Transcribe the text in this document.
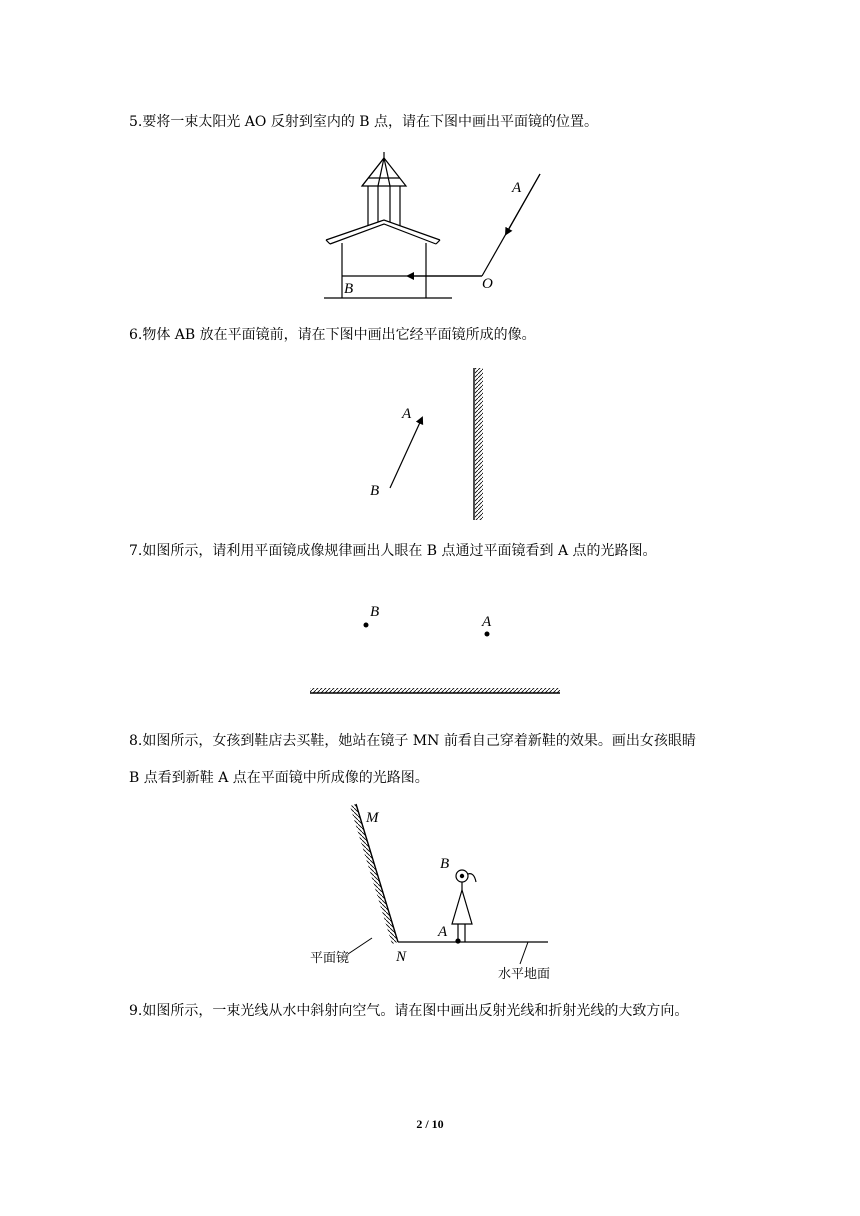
5.要将一束太阳光 AO 反射到室内的 B 点，请在下图中画出平面镜的位置。
A
B	O
6.物体 AB 放在平面镜前，请在下图中画出它经平面镜所成的像。
A
B
7.如图所示，请利用平面镜成像规律画出人眼在 B 点通过平面镜看到 A 点的光路图。
B
A
8.如图所示，女孩到鞋店去买鞋，她站在镜子 MN 前看自己穿着新鞋的效果。画出女孩眼睛
B 点看到新鞋 A 点在平面镜中所成像的光路图。
M
N
B
A
平面镜
水平地面
9.如图所示，一束光线从水中斜射向空气。请在图中画出反射光线和折射光线的大致方向。
2 / 10
